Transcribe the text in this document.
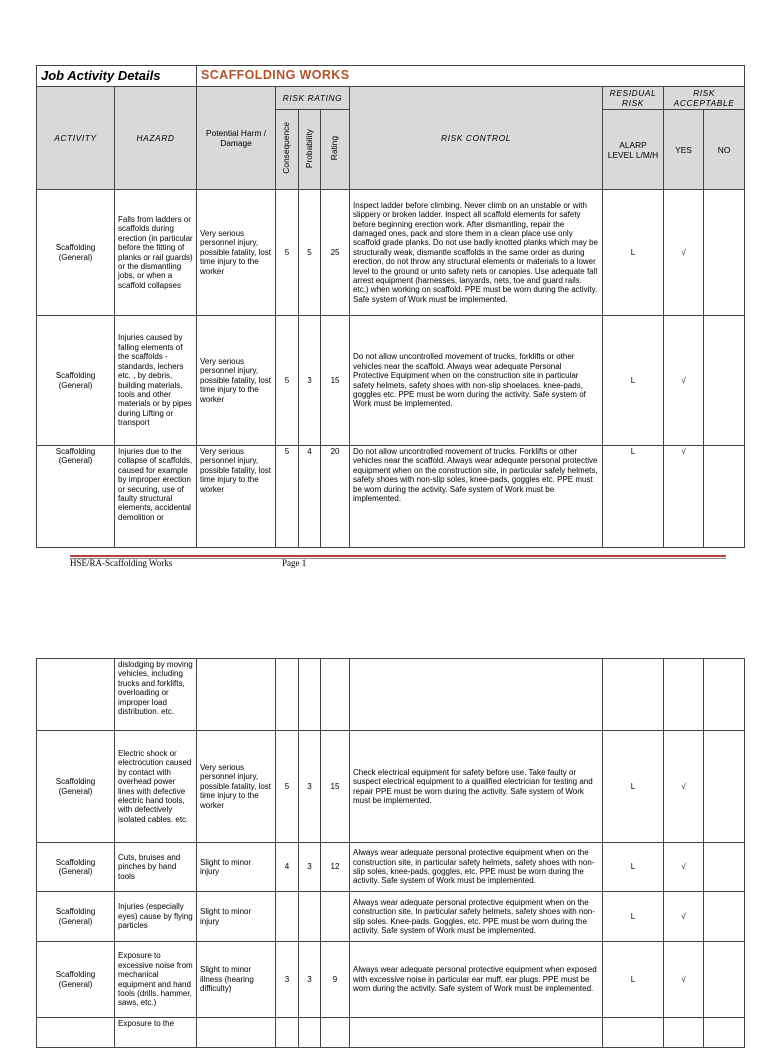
Job Activity Details		SCAFFOLDING WORKS							
ACTIVITY	HAZARD	Potential Harm / Damage	RISK RATING			RISK CONTROL	RESIDUAL RISK	RISK ACCEPTABLE	
			Consequence	Probability	Rating		ALARP LEVEL L/M/H	YES	NO
Scaffolding (General)	Falls from ladders or scaffolds during erection (in particular before the fitting of planks or rail guards) or the dismantling jobs, or when a scaffold collapses	Very serious personnel injury, possible fatality, lost time injury to the worker	5	5	25	Inspect ladder before climbing. Never climb on an unstable or with slippery or broken ladder. Inspect all scaffold elements for safety before beginning erection work. After dismantling, repair the damaged ones, pack and store them in a clean place use only scaffold grade planks. Do not use badly knotted planks which may be structurally weak, dismantle scaffolds in the same order as during erection, do not throw any structural elements or materials to a lower level to the ground or unto safety nets or canopies. Use adequate fall arrest equipment (harnesses, lanyards, nets, toe and guard rails. etc.) when working on scaffold. PPE must be worn during the activity. Safe system of Work must be implemented.	L	√	
Scaffolding (General)	Injuries caused by falling elements of the scaffolds - standards, lechers etc. , by debris, building materials, tools and other materials or by pipes during Lifting or transport	Very serious personnel injury, possible fatality, lost time injury to the worker	5	3	15	Do not allow uncontrolled movement of trucks, forklifts or other vehicles near the scaffold. Always wear adequate Personal Protective Equipment when on the construction site in particular safety helmets, safety shoes with non-slip shoelaces. knee-pads, goggles etc. PPE must be worn during the activity. Safe system of Work must be implemented.	L	√	
Scaffolding (General)	Injuries due to the collapse of scaffolds, caused for example by improper erection or securing, use of faulty structural elements, accidental demolition or	Very serious personnel injury, possible fatality, lost time injury to the worker	5	4	20	Do not allow uncontrolled movement of trucks. Forklifts or other vehicles near the scaffold. Always wear adequate personal protective equipment when on the construction site, in particular safely helmets, safety shoes with non-slip soles, knee-pads, goggles etc. PPE must be worn during the activity. Safe system of Work must be implemented.	L	√	
HSE/RA-Scaffolding Works	Page 1
	dislodging by moving vehicles, including trucks and forklifts, overloading or improper load distribution. etc.								
Scaffolding (General)	Electric shock or electrocution caused by contact with overhead power lines with defective electric hand tools, with defectively isolated cables. etc.	Very serious personnel injury, possible fatality, lost time injury to the worker	5	3	15	Check electrical equipment for safety before use. Take faulty or suspect electrical equipment to a qualified electrician for testing and repair PPE must be worn during the activity. Safe system of Work must be implemented.	L	√	
Scaffolding (General)	Cuts, bruises and pinches by hand tools	Slight to minor injury	4	3	12	Always wear adequate personal protective equipment when on the construction site, in particular safety helmets, safety shoes with non-slip soles, knee-pads, goggles, etc. PPE must be worn during the activity. Safe system of Work must be implemented.	L	√	
Scaffolding (General)	Injuries (especially eyes) cause by flying particles	Slight to minor injury				Always wear adequate personal protective equipment when on the construction site, In particular safety helmets, safety shoes with non-slip soles. Knee-pads. Goggles. etc. PPE must be worn during the activity. Safe system of Work must be implemented.	L	√	
Scaffolding (General)	Exposure to excessive noise from mechanical equipment and hand tools (drills. hammer, saws, etc.)	Slight to minor illness (hearing difficulty)	3	3	9	Always wear adequate personal protective equipment when exposed with excessive noise in particular ear muff, ear plugs. PPE must be worn during the activity. Safe system of Work must be implemented.	L	√	
	Exposure to the								
